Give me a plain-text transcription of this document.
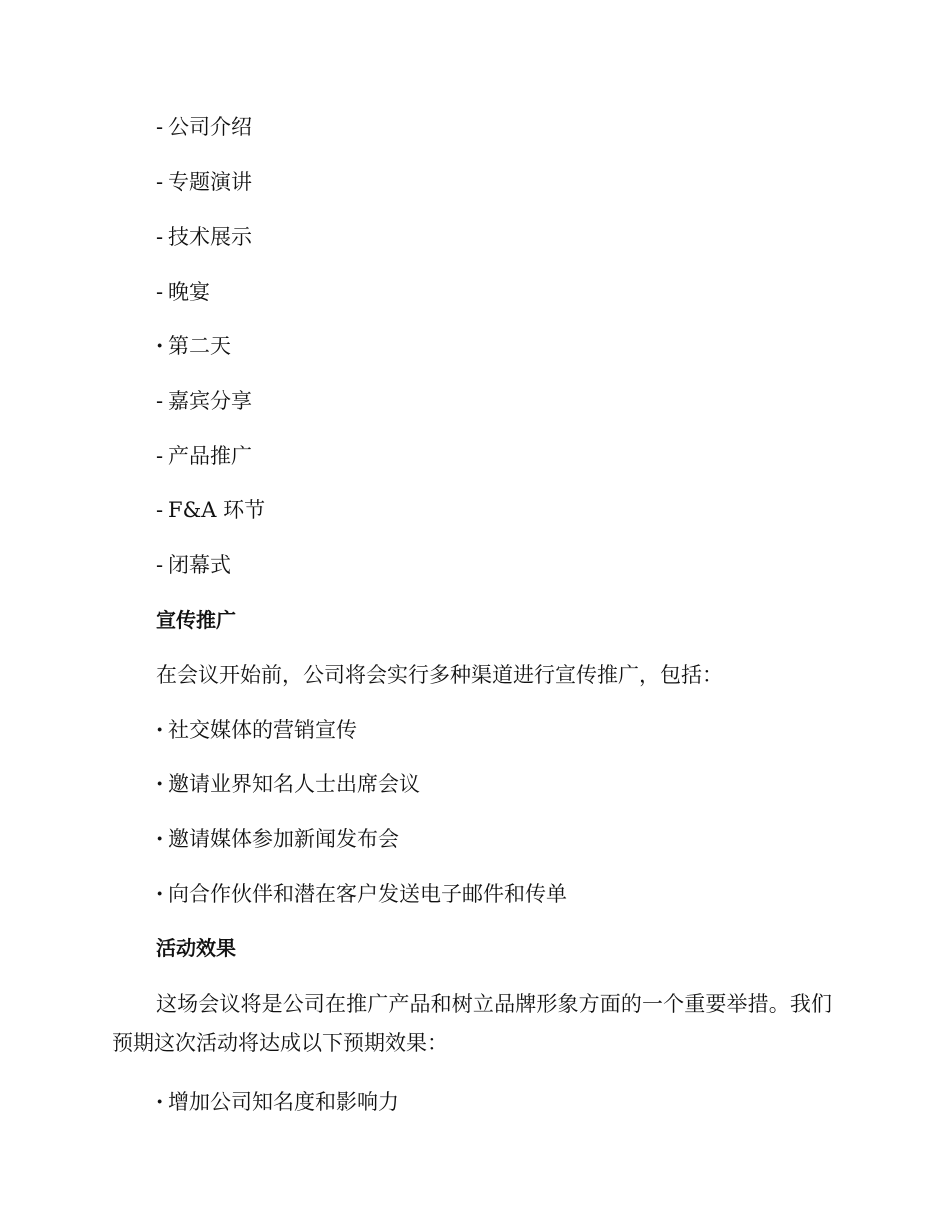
- 公司介绍
- 专题演讲
- 技术展示
- 晚宴
· 第二天
- 嘉宾分享
- 产品推广
- F&A 环节
- 闭幕式
宣传推广
在会议开始前，公司将会实行多种渠道进行宣传推广，包括：
· 社交媒体的营销宣传
· 邀请业界知名人士出席会议
· 邀请媒体参加新闻发布会
· 向合作伙伴和潜在客户发送电子邮件和传单
活动效果
这场会议将是公司在推广产品和树立品牌形象方面的一个重要举措。我们预期这次活动将达成以下预期效果：
· 增加公司知名度和影响力
